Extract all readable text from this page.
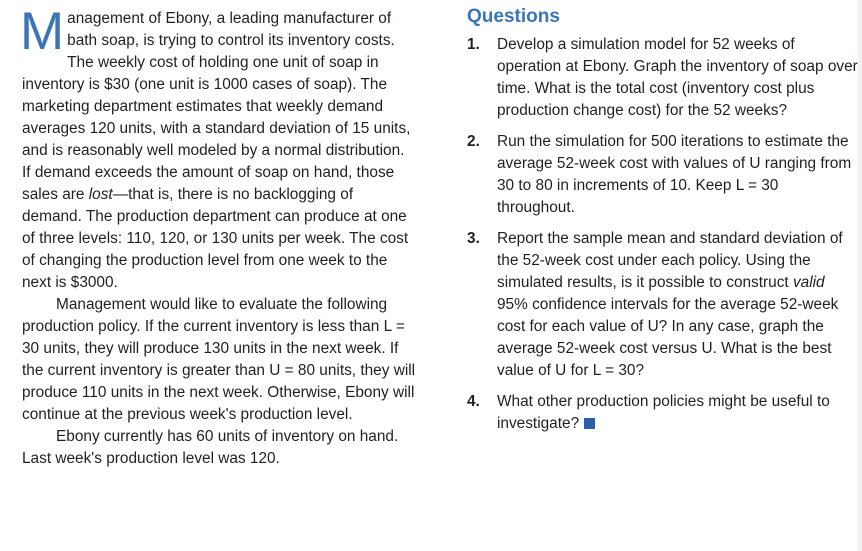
Management of Ebony, a leading manufacturer of bath soap, is trying to control its inventory costs. The weekly cost of holding one unit of soap in inventory is $30 (one unit is 1000 cases of soap). The marketing department estimates that weekly demand averages 120 units, with a standard deviation of 15 units, and is reasonably well modeled by a normal distribution. If demand exceeds the amount of soap on hand, those sales are lost—that is, there is no backlogging of demand. The production department can produce at one of three levels: 110, 120, or 130 units per week. The cost of changing the production level from one week to the next is $3000.

Management would like to evaluate the following production policy. If the current inventory is less than L = 30 units, they will produce 130 units in the next week. If the current inventory is greater than U = 80 units, they will produce 110 units in the next week. Otherwise, Ebony will continue at the previous week's production level.

Ebony currently has 60 units of inventory on hand. Last week's production level was 120.

Questions
1.	Develop a simulation model for 52 weeks of operation at Ebony. Graph the inventory of soap over time. What is the total cost (inventory cost plus production change cost) for the 52 weeks?
2.	Run the simulation for 500 iterations to estimate the average 52-week cost with values of U ranging from 30 to 80 in increments of 10. Keep L = 30 throughout.
3.	Report the sample mean and standard deviation of the 52-week cost under each policy. Using the simulated results, is it possible to construct valid 95% confidence intervals for the average 52-week cost for each value of U? In any case, graph the average 52-week cost versus U. What is the best value of U for L = 30?
4.	What other production policies might be useful to investigate?
